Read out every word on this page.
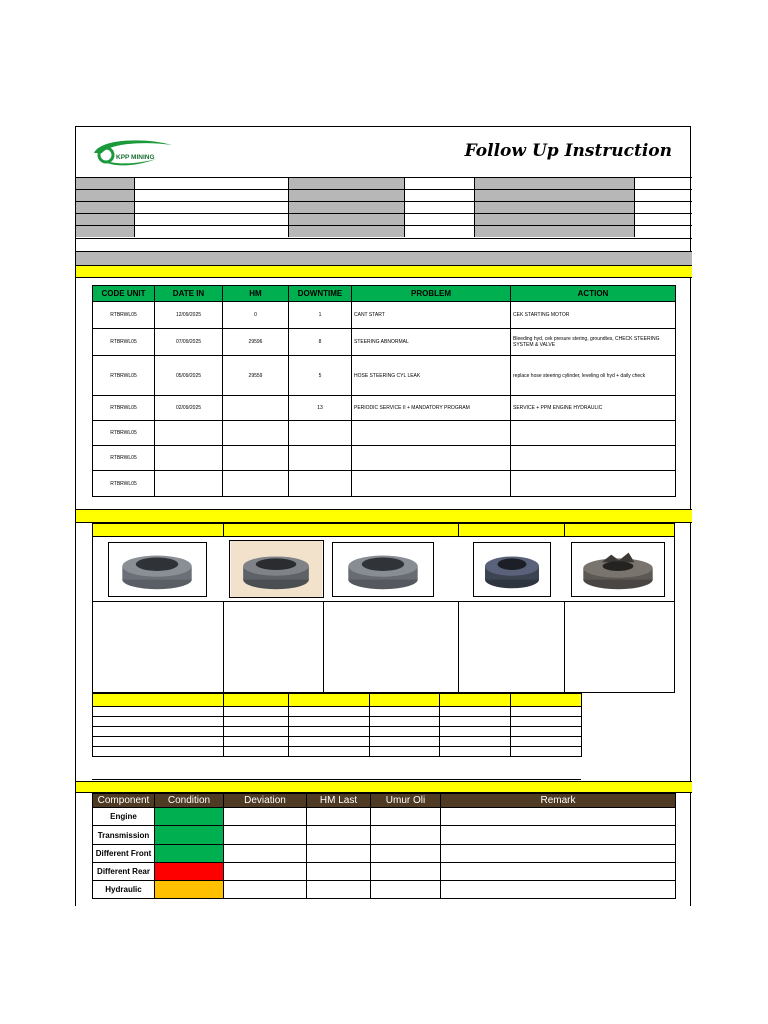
KPP MINING	Follow Up Instruction
CODE UNIT	DATE IN	HM	DOWNTIME	PROBLEM	ACTION
RTBRWL05	12/09/2025	0	1	CANT START	CEK STARTING MOTOR
RTBRWL05	07/09/2025	29596	8	STEERING ABNORMAL	Bleeding hyd, cek presure stering, groundtes, CHECK STEERING SYSTEM & VALVE
RTBRWL05	05/09/2025	29559	5	HOSE STEERING CYL LEAK	replace hose steering cylinder, leveling oli hyd + daily check
RTBRWL05	02/09/2025		13	PERIODIC SERVICE II + MANDATORY PROGRAM	SERVICE + PPM ENGINE HYDRAULIC
RTBRWL05					
RTBRWL05					
RTBRWL05					

Component	Condition	Deviation	HM Last	Umur Oli	Remark
Engine					
Transmission					
Different Front					
Different Rear					
Hydraulic					
